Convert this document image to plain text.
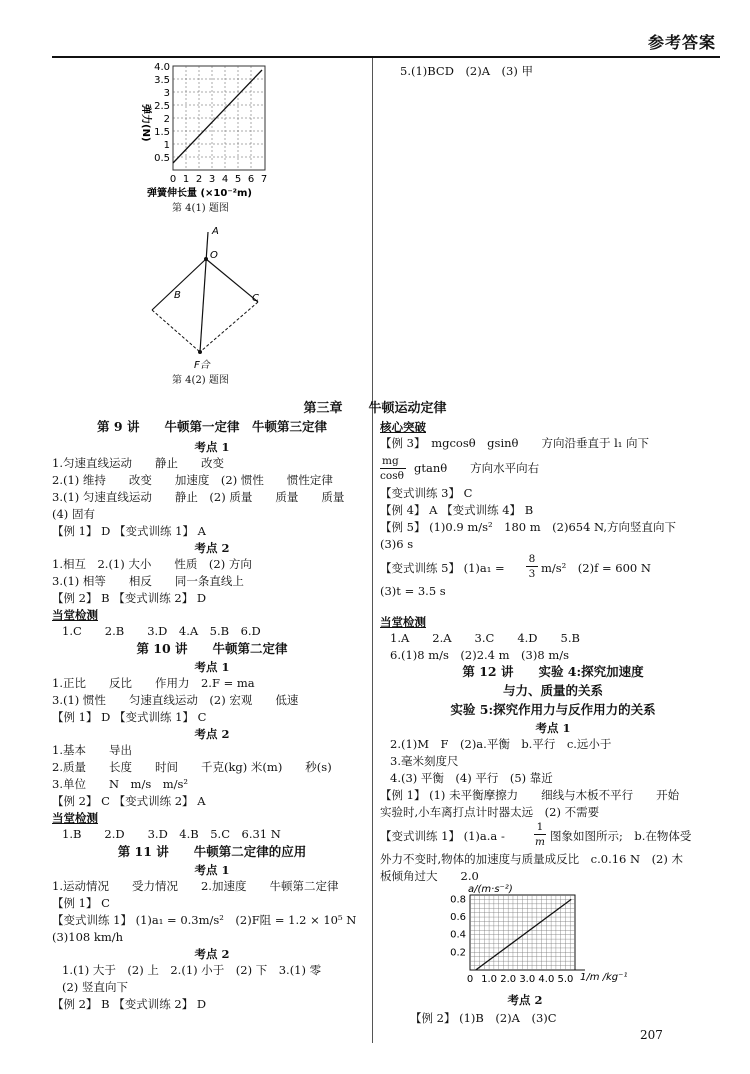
参考答案
4.0
3.5
3
2.5
2
1.5
1
0.5
0 1 2 3 4 5 6 7
弹力(N)
弹簧伸长量 (×10⁻²m)
第 4(1) 题图
A
O
B	C
F合
第 4(2) 题图
第三章　　牛顿运动定律
第 9 讲　　牛顿第一定律　牛顿第三定律
考点 1
1.匀速直线运动　　静止　　改变
2.(1) 维持　　改变　　加速度　(2) 惯性　　惯性定律
3.(1) 匀速直线运动　　静止　(2) 质量　　质量　　质量
(4) 固有
【例 1】 D 【变式训练 1】 A
考点 2
1.相互　2.(1) 大小　　性质　(2) 方向
3.(1) 相等　　相反　　同一条直线上
【例 2】 B 【变式训练 2】 D
当堂检测
1.C　　2.B　　3.D　4.A　5.B　6.D
第 10 讲　　牛顿第二定律
考点 1
1.正比　　反比　　作用力　2.F = ma
3.(1) 惯性　　匀速直线运动　(2) 宏观　　低速
【例 1】 D 【变式训练 1】 C
考点 2
1.基本　　导出
2.质量　　长度　　时间　　千克(kg) 米(m)　　秒(s)
3.单位　　N　m/s　m/s²
【例 2】 C 【变式训练 2】 A
当堂检测
1.B　　2.D　　3.D　4.B　5.C　6.31 N
第 11 讲　　牛顿第二定律的应用
考点 1
1.运动情况　　受力情况　　2.加速度　　牛顿第二定律
【例 1】 C
【变式训练 1】 (1)a₁ = 0.3m/s²　(2)F阻 = 1.2 × 10⁵ N
(3)108 km/h
考点 2
1.(1) 大于　(2) 上　2.(1) 小于　(2) 下　3.(1) 零
(2) 竖直向下
【例 2】 B 【变式训练 2】 D
5.(1)BCD　(2)A　(3) 甲
核心突破
【例 3】　mgcosθ　gsinθ　　方向沿垂直于 l₁ 向下
mg
cosθ
gtanθ　　方向水平向右
【变式训练 3】 C
【例 4】 A 【变式训练 4】 B
【例 5】 (1)0.9 m/s²　180 m　(2)654 N,方向竖直向下
(3)6 s
【变式训练 5】 (1)a₁ =
8
3 m/s²　(2)f = 600 N
(3)t = 3.5 s
当堂检测
1.A　　2.A　　3.C　　4.D　　5.B
6.(1)8 m/s　(2)2.4 m　(3)8 m/s
第 12 讲　　实验 4:探究加速度
与力、质量的关系
实验 5:探究作用力与反作用力的关系
考点 1
2.(1)M　F　(2)a.平衡　b.平行　c.远小于
3.毫米刻度尺
4.(3) 平衡　(4) 平行　(5) 靠近
【例 1】 (1) 未平衡摩擦力　　细线与木板不平行　　开始
实验时,小车离打点计时器太远　(2) 不需要
【变式训练 1】 (1)a.a -
1
m 图象如图所示;　b.在物体受
外力不变时,物体的加速度与质量成反比　c.0.16 N　(2) 木
板倾角过大　　2.0
0 1.0 2.0 3.0 4.0 5.0
0.8
0.6
0.4
0.2
a/(m·s⁻²)
1/m /kg⁻¹
考点 2
【例 2】 (1)B　(2)A　(3)C
207
